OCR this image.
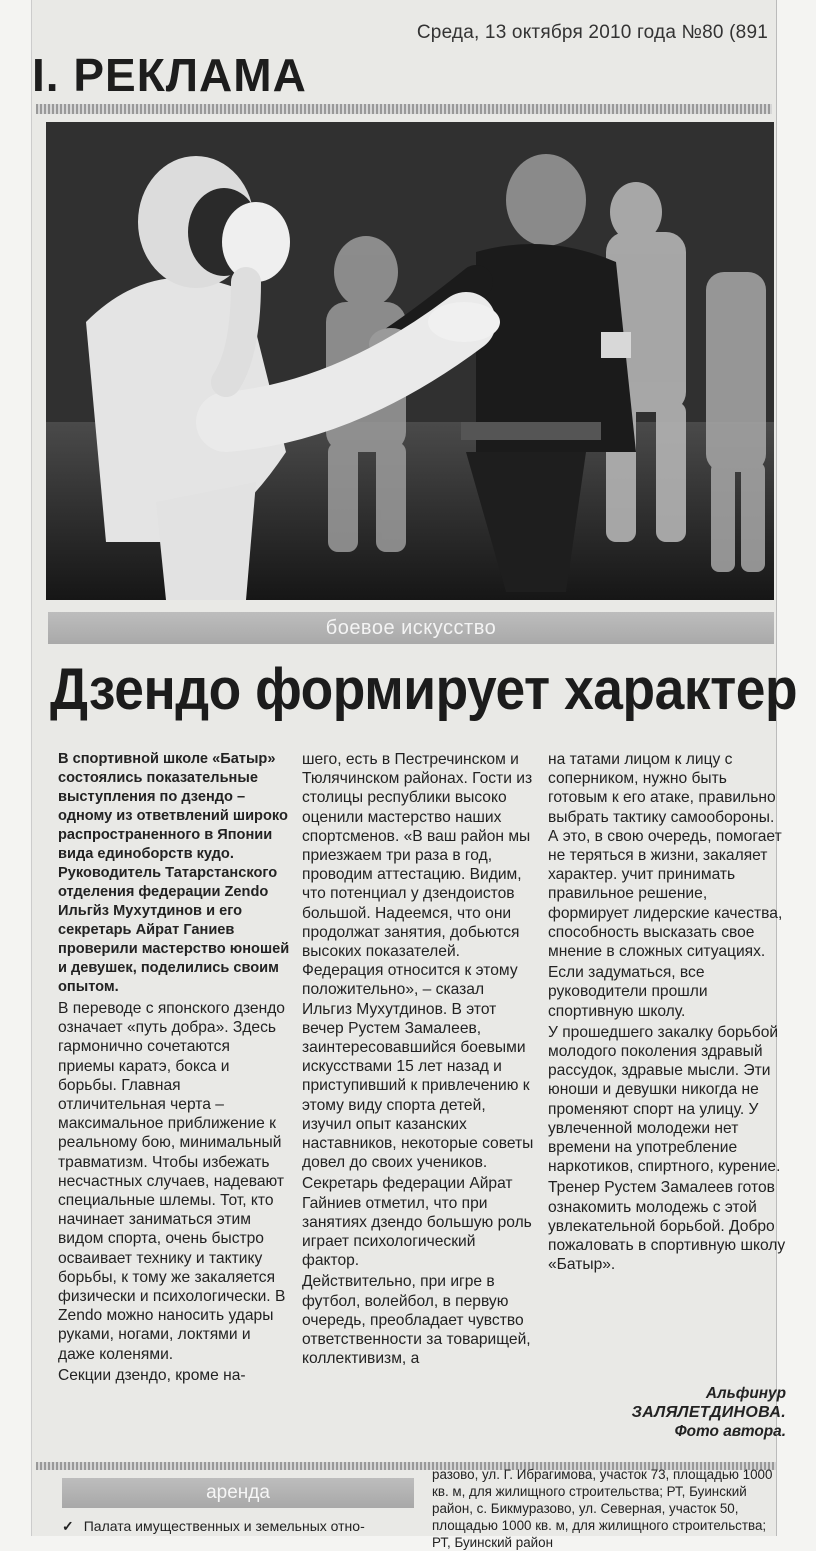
Среда, 13 октября 2010 года №80 (891
I. РЕКЛАМА
боевое искусство
Дзендо формирует характер

В спортивной школе «Батыр» состоялись показательные выступления по дзендо – одному из ответвлений широко распространенного в Японии вида единоборств кудо. Руководитель Татарстанского отделения федерации Zendo Ильгйз Мухутдинов и его секретарь Айрат Ганиев проверили мастерство юношей и девушек, поделились своим опытом.

В переводе с японского дзендо означает «путь добра». Здесь гармонично сочетаются приемы каратэ, бокса и борьбы. Главная отличительная черта – максимальное приближение к реальному бою, минимальный травматизм. Чтобы избежать несчастных случаев, надевают специальные шлемы. Тот, кто начинает заниматься этим видом спорта, очень быстро осваивает технику и тактику борьбы, к тому же закаляется физически и психологически. В Zendo можно наносить удары руками, ногами, локтями и даже коленями.

Секции дзендо, кроме на-

шего, есть в Пестречинском и Тюлячинском районах. Гости из столицы республики высоко оценили мастерство наших спортсменов. «В ваш район мы приезжаем три раза в год, проводим аттестацию. Видим, что потенциал у дзендоистов большой. Надеемся, что они продолжат занятия, добьются высоких показателей. Федерация относится к этому положительно», – сказал Ильгиз Мухутдинов. В этот вечер Рустем Замалеев, заинтересовавшийся боевыми искусствами 15 лет назад и приступивший к привлечению к этому виду спорта детей, изучил опыт казанских наставников, некоторые советы довел до своих учеников.

Секретарь федерации Айрат Гайниев отметил, что при занятиях дзендо большую роль играет психологический фактор.

Действительно, при игре в футбол, волейбол, в первую очередь, преобладает чувство ответственности за товарищей, коллективизм, а

на татами лицом к лицу с соперником, нужно быть готовым к его атаке, правильно выбрать тактику самообороны. А это, в свою очередь, помогает не теряться в жизни, закаляет характер. учит принимать правильное решение, формирует лидерские качества, способность высказать свое мнение в сложных ситуациях.

Если задуматься, все руководители прошли спортивную школу.

У прошедшего закалку борьбой молодого поколения здравый рассудок, здравые мысли. Эти юноши и девушки никогда не променяют спорт на улицу. У увлеченной молодежи нет времени на употребление наркотиков, спиртного, курение.

Тренер Рустем Замалеев готов ознакомить молодежь с этой увлекательной борьбой. Добро пожаловать в спортивную школу «Батыр».

Альфинур
ЗАЛЯЛЕТДИНОВА.
Фото автора.
аренда
✓ Палата имущественных и земельных отно-
разово, ул. Г. Ибрагимова, участок 73, площадью 1000 кв. м, для жилищного строительства; РТ, Буинский район, с. Бикмуразово, ул. Северная, участок 50, площадью 1000 кв. м, для жилищного строительства; РТ, Буинский район
